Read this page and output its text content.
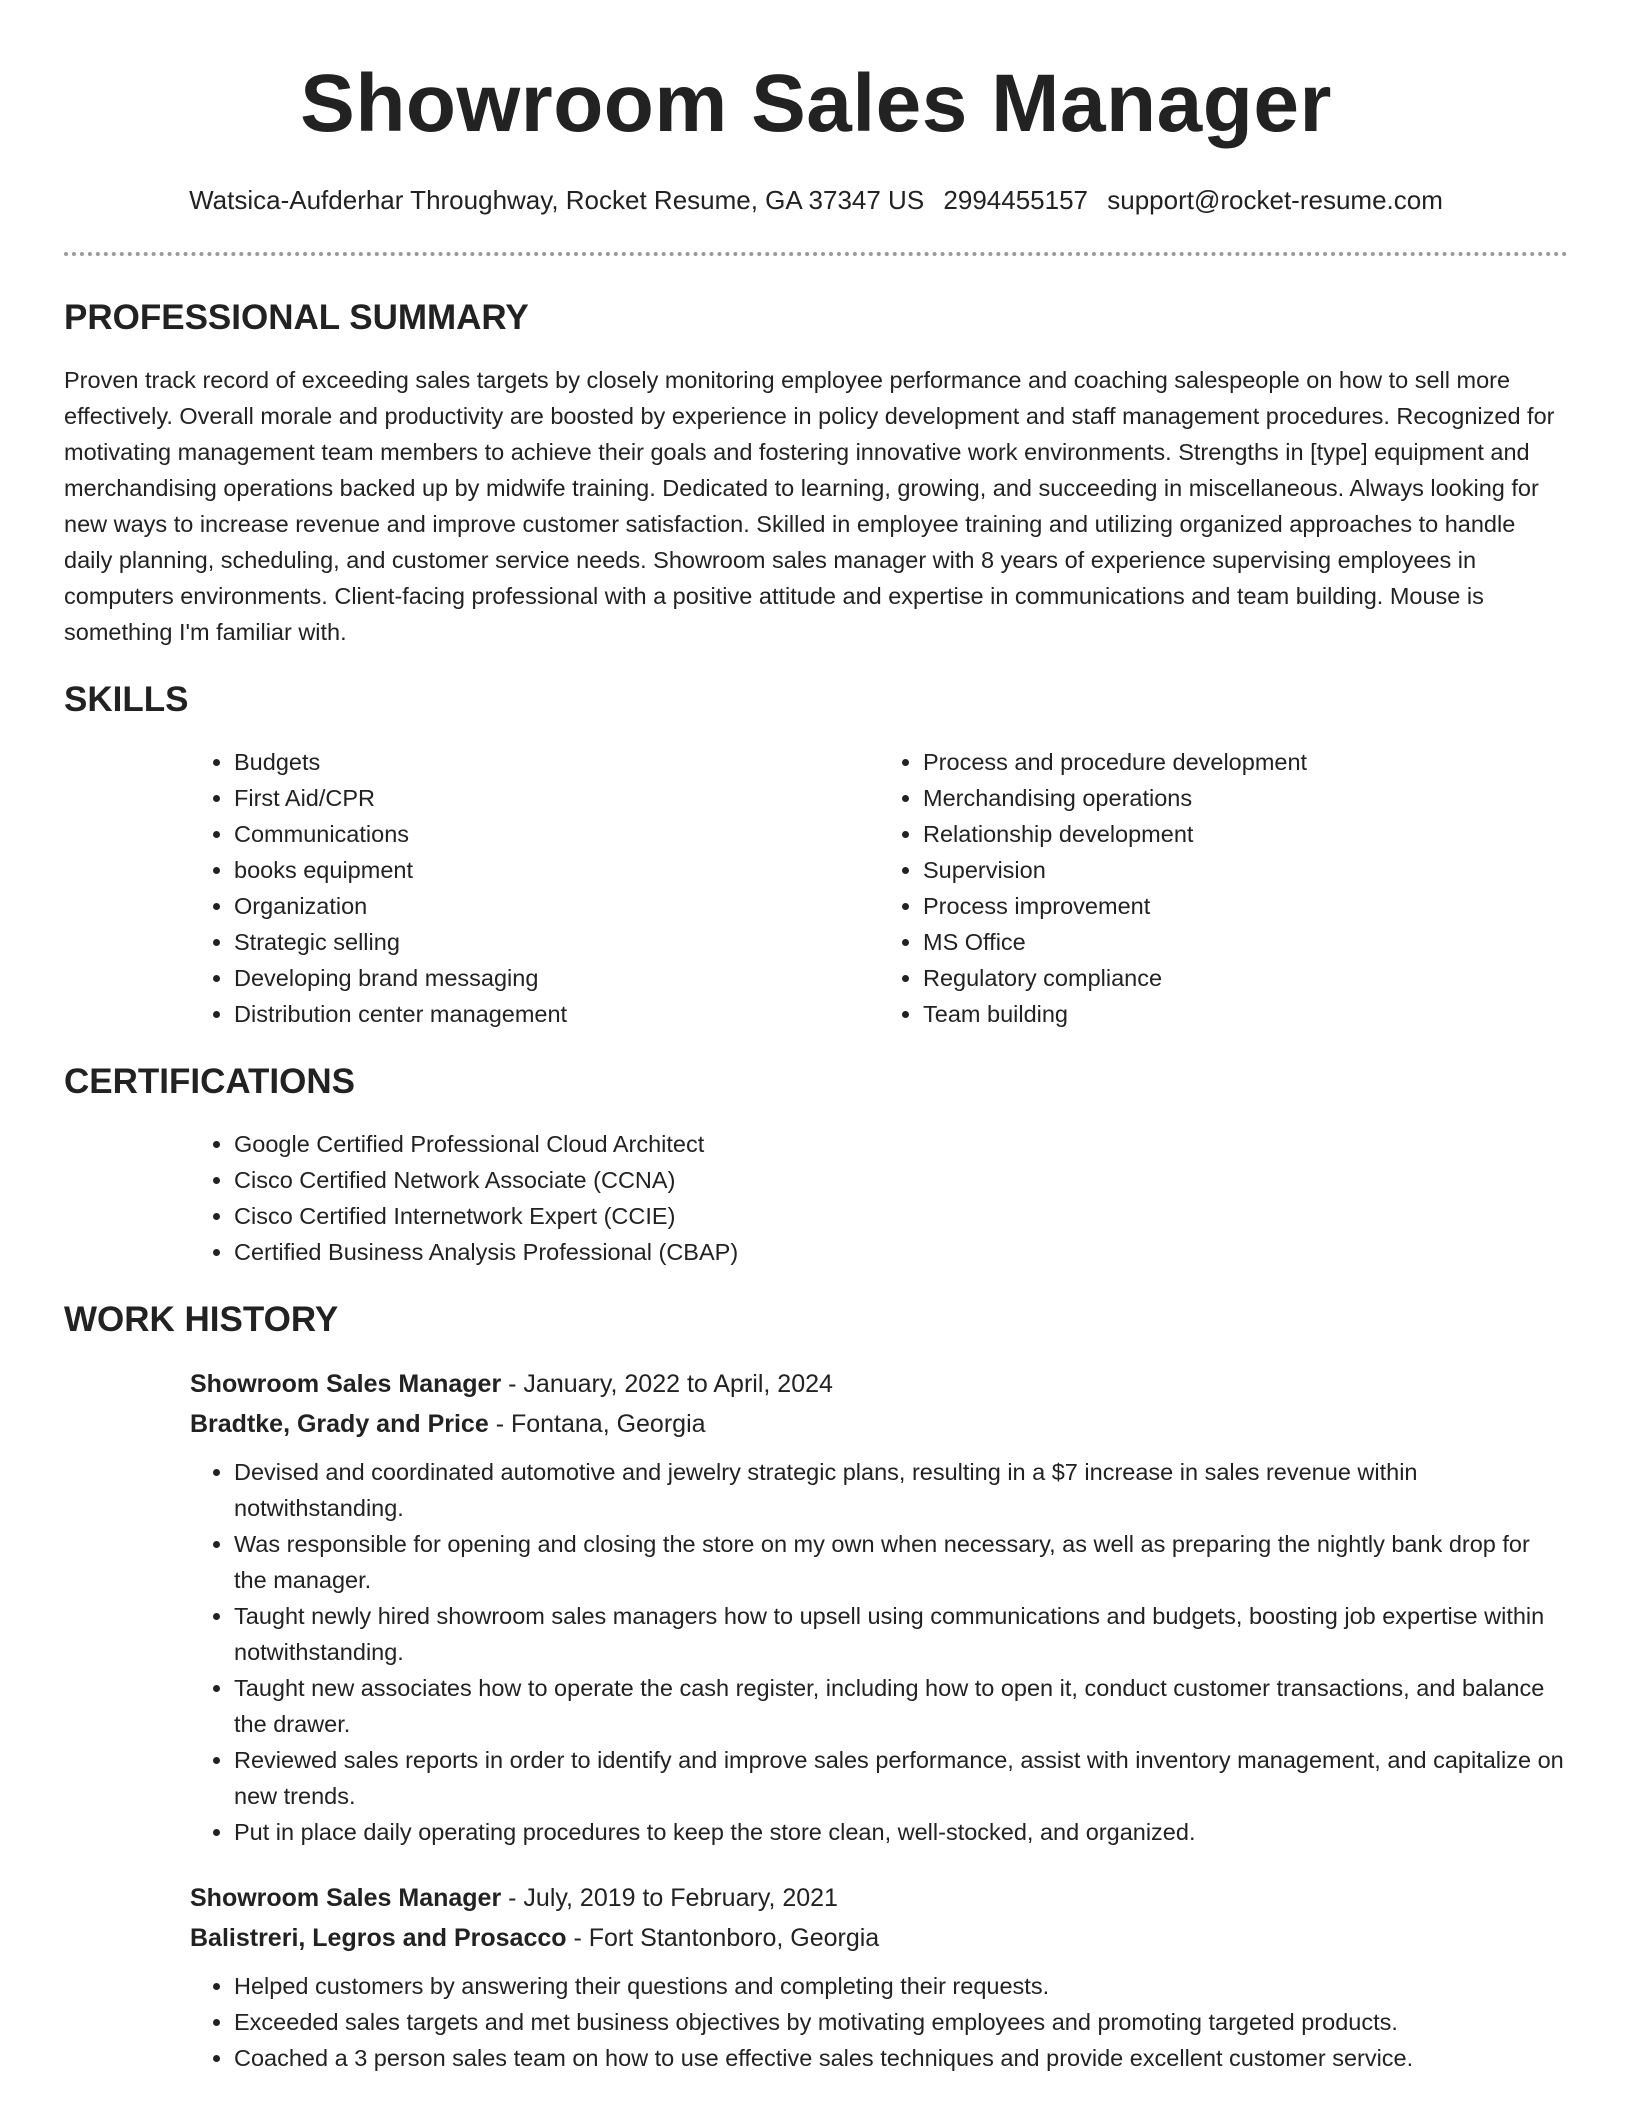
Showroom Sales Manager
Watsica-Aufderhar Throughway, Rocket Resume, GA 37347 US 2994455157 support@rocket-resume.com
PROFESSIONAL SUMMARY

Proven track record of exceeding sales targets by closely monitoring employee performance and coaching salespeople on how to sell more effectively. Overall morale and productivity are boosted by experience in policy development and staff management procedures. Recognized for motivating management team members to achieve their goals and fostering innovative work environments. Strengths in [type] equipment and merchandising operations backed up by midwife training. Dedicated to learning, growing, and succeeding in miscellaneous. Always looking for new ways to increase revenue and improve customer satisfaction. Skilled in employee training and utilizing organized approaches to handle daily planning, scheduling, and customer service needs. Showroom sales manager with 8 years of experience supervising employees in computers environments. Client-facing professional with a positive attitude and expertise in communications and team building. Mouse is something I'm familiar with.

SKILLS
• Budgets
• First Aid/CPR
• Communications
• books equipment
• Organization
• Strategic selling
• Developing brand messaging
• Distribution center management
• Process and procedure development
• Merchandising operations
• Relationship development
• Supervision
• Process improvement
• MS Office
• Regulatory compliance
• Team building
CERTIFICATIONS
• Google Certified Professional Cloud Architect
• Cisco Certified Network Associate (CCNA)
• Cisco Certified Internetwork Expert (CCIE)
• Certified Business Analysis Professional (CBAP)
WORK HISTORY
Showroom Sales Manager - January, 2022 to April, 2024
Bradtke, Grady and Price - Fontana, Georgia
• Devised and coordinated automotive and jewelry strategic plans, resulting in a $7 increase in sales revenue within notwithstanding.
• Was responsible for opening and closing the store on my own when necessary, as well as preparing the nightly bank drop for the manager.
• Taught newly hired showroom sales managers how to upsell using communications and budgets, boosting job expertise within notwithstanding.
• Taught new associates how to operate the cash register, including how to open it, conduct customer transactions, and balance the drawer.
• Reviewed sales reports in order to identify and improve sales performance, assist with inventory management, and capitalize on new trends.
• Put in place daily operating procedures to keep the store clean, well-stocked, and organized.
Showroom Sales Manager - July, 2019 to February, 2021
Balistreri, Legros and Prosacco - Fort Stantonboro, Georgia
• Helped customers by answering their questions and completing their requests.
• Exceeded sales targets and met business objectives by motivating employees and promoting targeted products.
• Coached a 3 person sales team on how to use effective sales techniques and provide excellent customer service.
